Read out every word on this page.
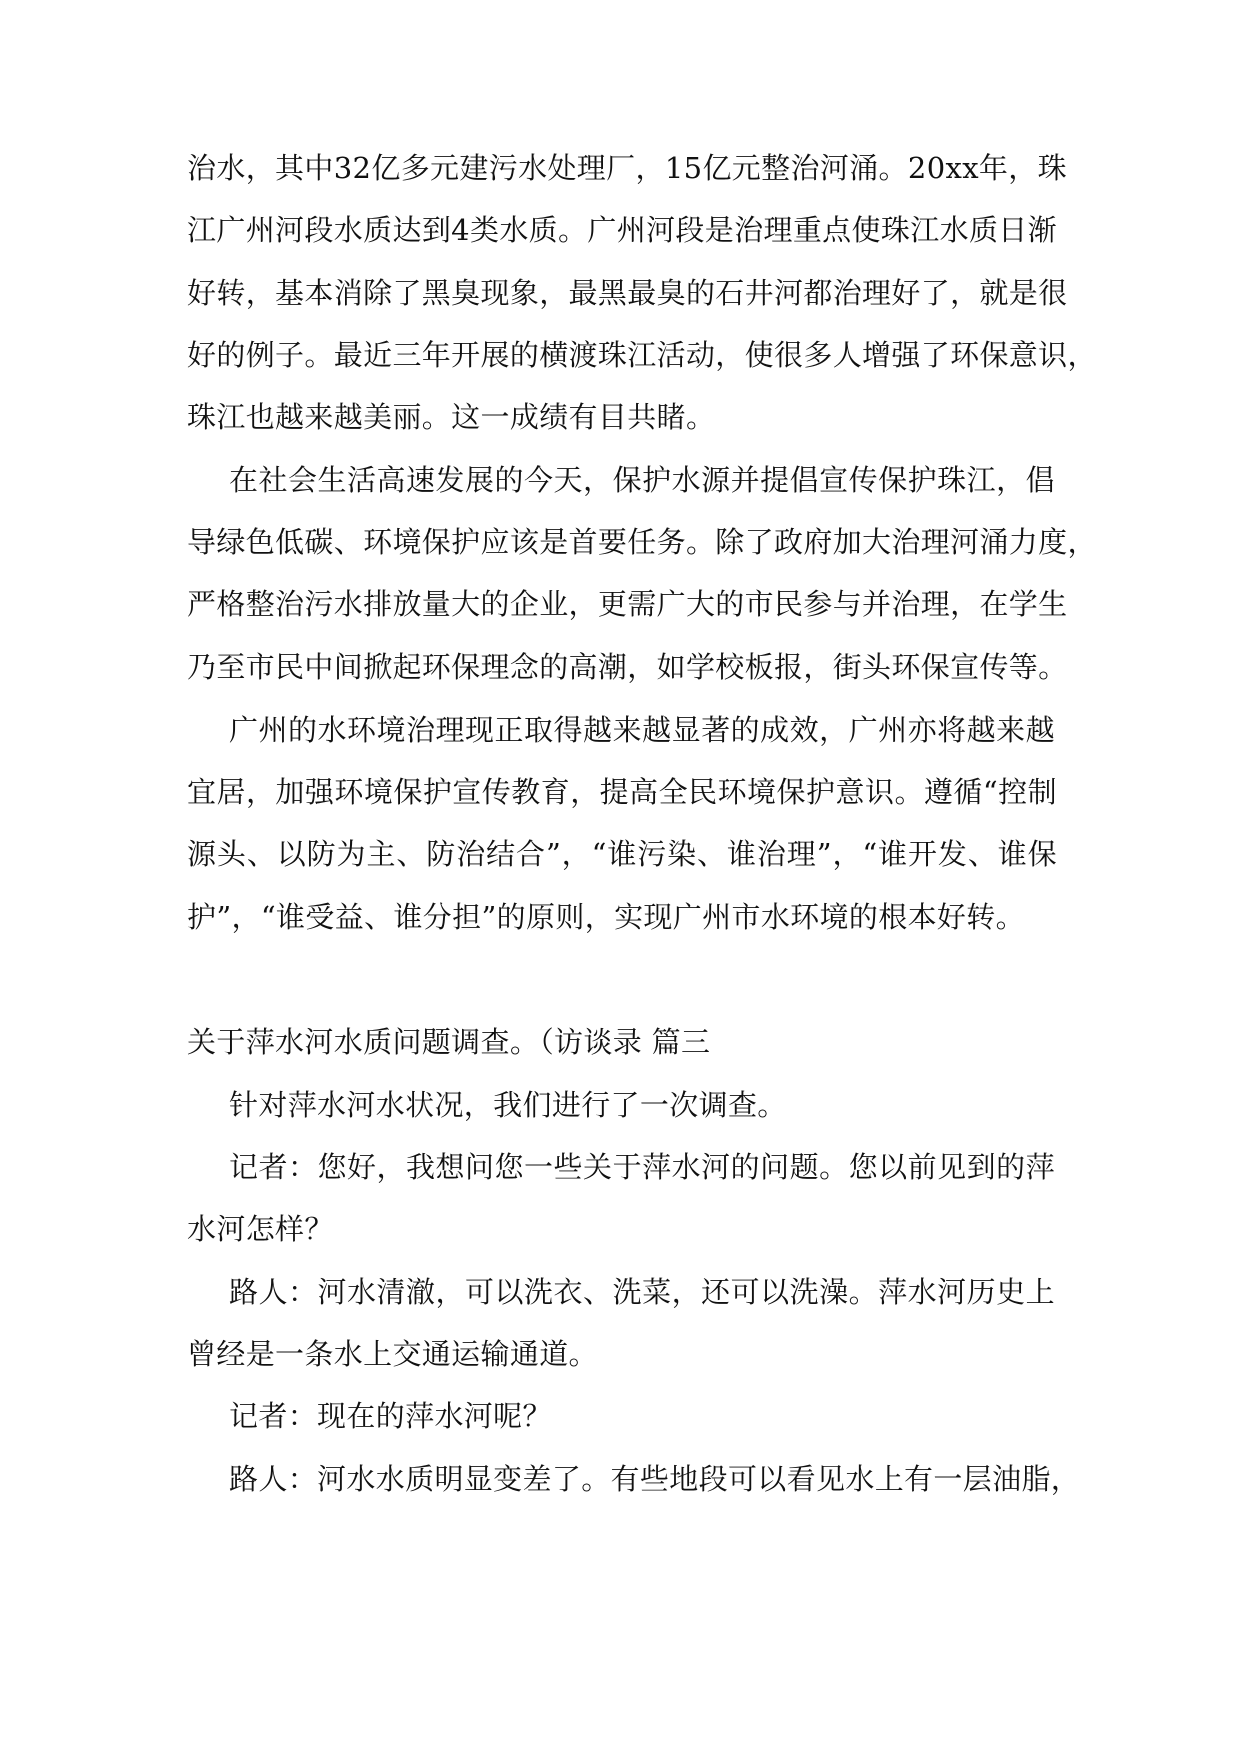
治水，其中32亿多元建污水处理厂，15亿元整治河涌。20xx年，珠
江广州河段水质达到4类水质。广州河段是治理重点使珠江水质日渐
好转，基本消除了黑臭现象，最黑最臭的石井河都治理好了，就是很
好的例子。最近三年开展的横渡珠江活动，使很多人增强了环保意识，
珠江也越来越美丽。这一成绩有目共睹。
在社会生活高速发展的今天，保护水源并提倡宣传保护珠江，倡
导绿色低碳、环境保护应该是首要任务。除了政府加大治理河涌力度，
严格整治污水排放量大的企业，更需广大的市民参与并治理，在学生
乃至市民中间掀起环保理念的高潮，如学校板报，街头环保宣传等。
广州的水环境治理现正取得越来越显著的成效，广州亦将越来越
宜居，加强环境保护宣传教育，提高全民环境保护意识。遵循“控制
源头、以防为主、防治结合”，“谁污染、谁治理”，“谁开发、谁保
护”，“谁受益、谁分担”的原则，实现广州市水环境的根本好转。
关于萍水河水质问题调查。（访谈录 篇三
针对萍水河水状况，我们进行了一次调查。
记者：您好，我想问您一些关于萍水河的问题。您以前见到的萍
水河怎样？
路人：河水清澈，可以洗衣、洗菜，还可以洗澡。萍水河历史上
曾经是一条水上交通运输通道。
记者：现在的萍水河呢？
路人：河水水质明显变差了。有些地段可以看见水上有一层油脂，
